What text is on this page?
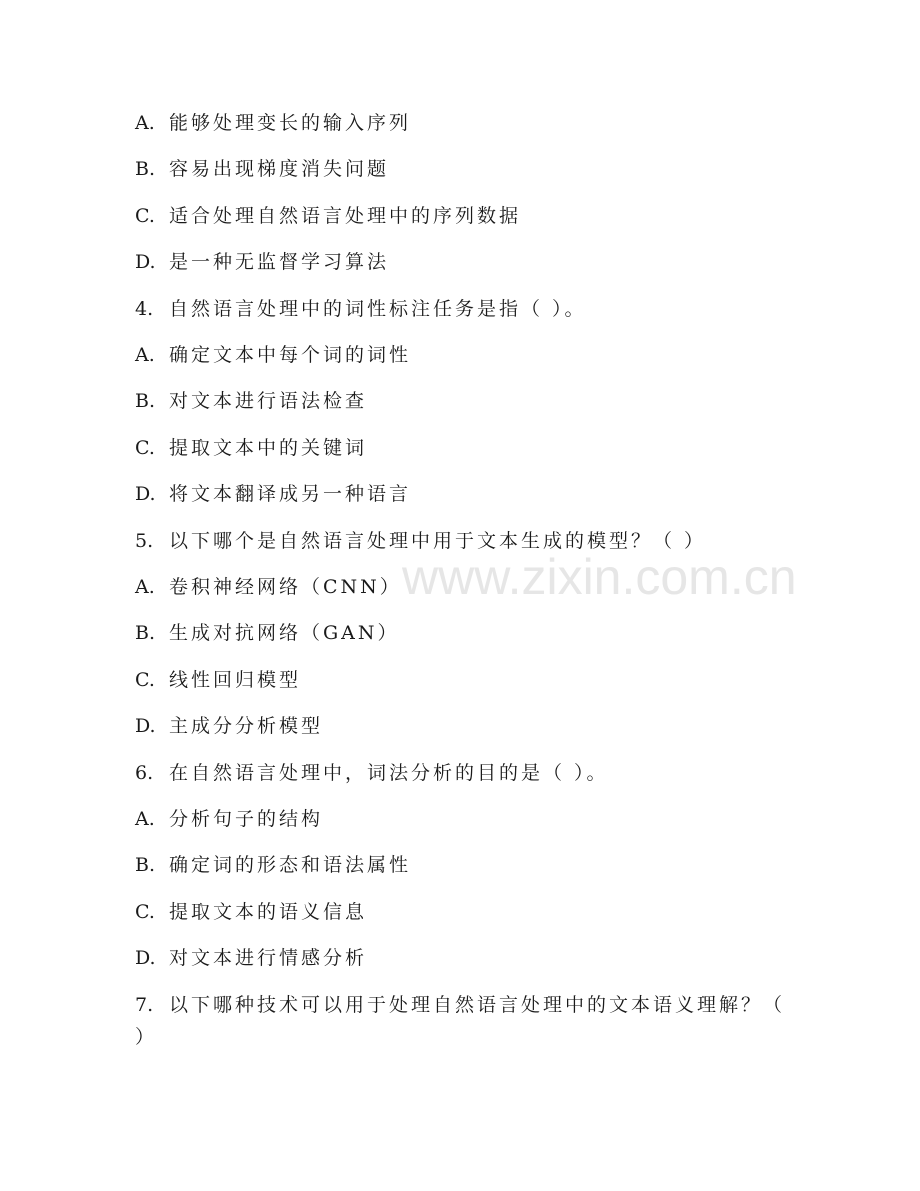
www.zixin.com.cn
A. 能够处理变长的输入序列
B. 容易出现梯度消失问题
C. 适合处理自然语言处理中的序列数据
D. 是一种无监督学习算法
4. 自然语言处理中的词性标注任务是指（ ）。
A. 确定文本中每个词的词性
B. 对文本进行语法检查
C. 提取文本中的关键词
D. 将文本翻译成另一种语言
5. 以下哪个是自然语言处理中用于文本生成的模型？（ ）
A. 卷积神经网络（CNN）
B. 生成对抗网络（GAN）
C. 线性回归模型
D. 主成分分析模型
6. 在自然语言处理中，词法分析的目的是（ ）。
A. 分析句子的结构
B. 确定词的形态和语法属性
C. 提取文本的语义信息
D. 对文本进行情感分析
7. 以下哪种技术可以用于处理自然语言处理中的文本语义理解？（
）
